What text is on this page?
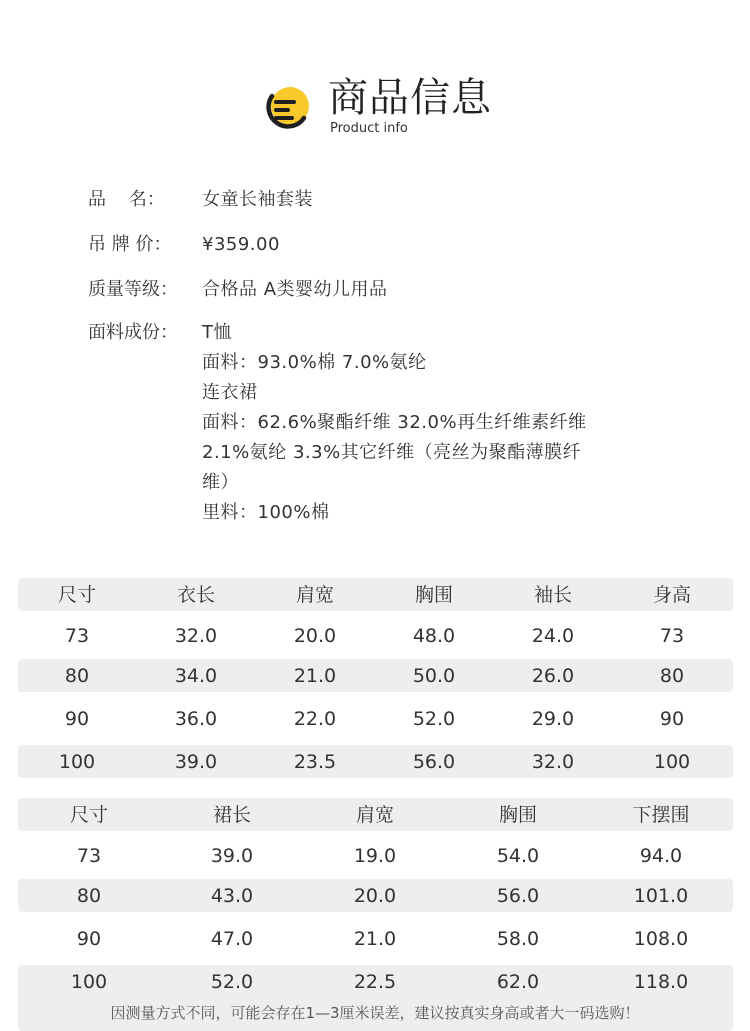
商品信息
Product info
品    名： 女童长袖套装
吊 牌 价： ¥359.00
质量等级： 合格品 A类婴幼儿用品
面料成份： T恤
面料：93.0%棉 7.0%氨纶
连衣裙
面料：62.6%聚酯纤维 32.0%再生纤维素纤维
2.1%氨纶 3.3%其它纤维（亮丝为聚酯薄膜纤
维）
里料：100%棉
尺寸	衣长	肩宽	胸围	袖长	身高
73	32.0	20.0	48.0	24.0	73
80	34.0	21.0	50.0	26.0	80
90	36.0	22.0	52.0	29.0	90
100	39.0	23.5	56.0	32.0	100
尺寸	裙长	肩宽	胸围	下摆围
73	39.0	19.0	54.0	94.0
80	43.0	20.0	56.0	101.0
90	47.0	21.0	58.0	108.0
100	52.0	22.5	62.0	118.0
因测量方式不同，可能会存在1—3厘米误差，建议按真实身高或者大一码选购！
